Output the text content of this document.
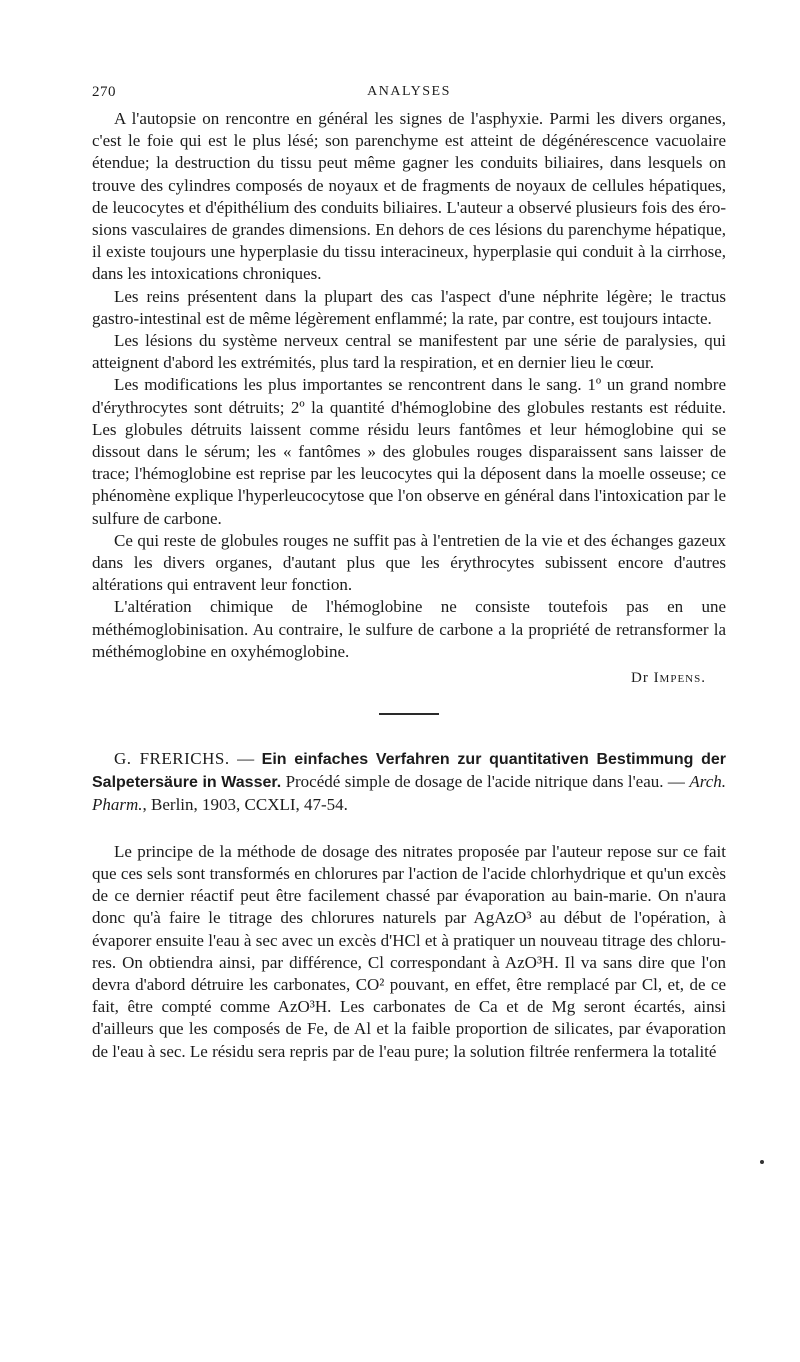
270	ANALYSES

A l'autopsie on rencontre en général les signes de l'asphyxie. Parmi les divers organes, c'est le foie qui est le plus lésé; son parenchyme est atteint de dégénérescence vacuolaire étendue; la destruction du tissu peut même gagner les conduits biliaires, dans lesquels on trouve des cylindres composés de noyaux et de fragments de noyaux de cellules hépatiques, de leucocytes et d'épithélium des conduits biliaires. L'auteur a observé plusieurs fois des érosions vasculaires de grandes dimensions. En dehors de ces lésions du parenchyme hépatique, il existe toujours une hyperplasie du tissu interacineux, hyperplasie qui conduit à la cirrhose, dans les intoxications chroniques.

Les reins présentent dans la plupart des cas l'aspect d'une néphrite légère; le tractus gastro-intestinal est de même légèrement enflammé; la rate, par contre, est toujours intacte.

Les lésions du système nerveux central se manifestent par une série de paralysies, qui atteignent d'abord les extrémités, plus tard la respiration, et en dernier lieu le cœur.

Les modifications les plus importantes se rencontrent dans le sang. 1º un grand nombre d'érythrocytes sont détruits; 2º la quantité d'hémoglobine des globules restants est réduite. Les globules détruits laissent comme résidu leurs fantômes et leur hémoglobine qui se dissout dans le sérum; les « fantômes » des globules rouges disparaissent sans laisser de trace; l'hémoglobine est reprise par les leucocytes qui la déposent dans la moelle osseuse; ce phénomène explique l'hyperleucocytose que l'on observe en général dans l'intoxication par le sulfure de carbone.

Ce qui reste de globules rouges ne suffit pas à l'entretien de la vie et des échanges gazeux dans les divers organes, d'autant plus que les érythrocytes subissent encore d'autres altérations qui entravent leur fonction.

L'altération chimique de l'hémoglobine ne consiste toutefois pas en une méthémoglobinisation. Au contraire, le sulfure de carbone a la propriété de retransformer la méthémoglobine en oxyhémoglobine.

Dr Impens.
G. FRERICHS. — Ein einfaches Verfahren zur quantitativen Bestimmung der Salpetersäure in Wasser. Procédé simple de dosage de l'acide nitrique dans l'eau. — Arch. Pharm., Berlin, 1903, CCXLI, 47-54.

Le principe de la méthode de dosage des nitrates proposée par l'auteur repose sur ce fait que ces sels sont transformés en chlorures par l'action de l'acide chlorhydrique et qu'un excès de ce dernier réactif peut être facilement chassé par évaporation au bain-marie. On n'aura donc qu'à faire le titrage des chlorures naturels par AgAzO³ au début de l'opération, à évaporer ensuite l'eau à sec avec un excès d'HCl et à pratiquer un nouveau titrage des chlorures. On obtiendra ainsi, par différence, Cl correspondant à AzO³H. Il va sans dire que l'on devra d'abord détruire les carbonates, CO² pouvant, en effet, être remplacé par Cl, et, de ce fait, être compté comme AzO³H. Les carbonates de Ca et de Mg seront écartés, ainsi d'ailleurs que les composés de Fe, de Al et la faible proportion de silicates, par évaporation de l'eau à sec. Le résidu sera repris par de l'eau pure; la solution filtrée renfermera la totalité
